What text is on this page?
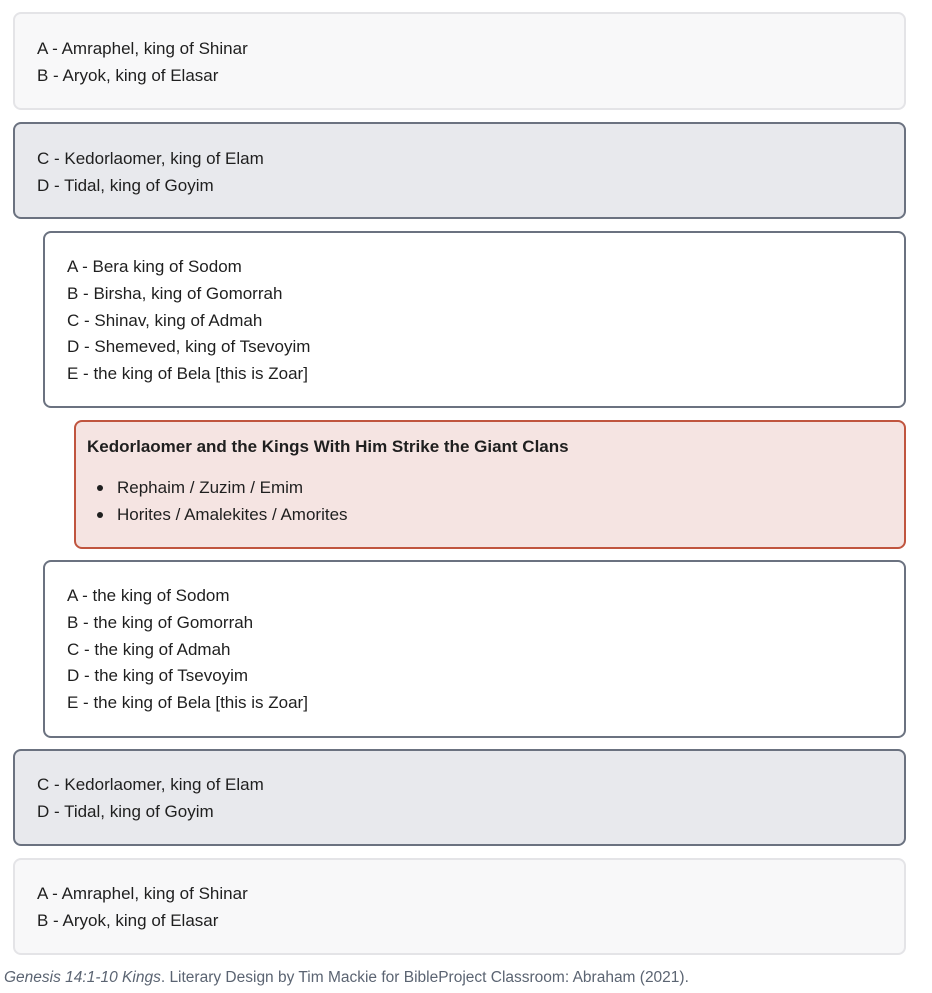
A - Amraphel, king of Shinar
B - Aryok, king of Elasar
C - Kedorlaomer, king of Elam
D - Tidal, king of Goyim
A - Bera king of Sodom
B - Birsha, king of Gomorrah
C - Shinav, king of Admah
D - Shemeved, king of Tsevoyim
E - the king of Bela [this is Zoar]
Kedorlaomer and the Kings With Him Strike the Giant Clans
Rephaim / Zuzim / Emim
Horites / Amalekites / Amorites
A - the king of Sodom
B - the king of Gomorrah
C - the king of Admah
D - the king of Tsevoyim
E - the king of Bela [this is Zoar]
C - Kedorlaomer, king of Elam
D - Tidal, king of Goyim
A - Amraphel, king of Shinar
B - Aryok, king of Elasar
Genesis 14:1-10 Kings. Literary Design by Tim Mackie for BibleProject Classroom: Abraham (2021).
